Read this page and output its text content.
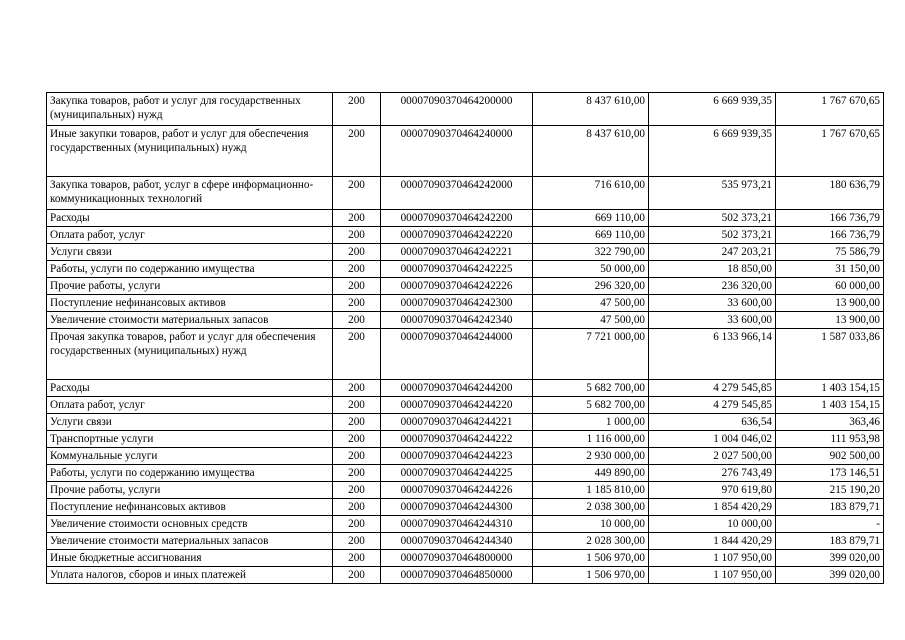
Закупка товаров, работ и услуг для государственных (муниципальных) нужд	200	00007090370464200000	8 437 610,00	6 669 939,35	1 767 670,65
Иные закупки товаров, работ и услуг для обеспечения государственных (муниципальных) нужд	200	00007090370464240000	8 437 610,00	6 669 939,35	1 767 670,65
Закупка товаров, работ, услуг в сфере информационно-коммуникационных технологий	200	00007090370464242000	716 610,00	535 973,21	180 636,79
Расходы	200	00007090370464242200	669 110,00	502 373,21	166 736,79
Оплата работ, услуг	200	00007090370464242220	669 110,00	502 373,21	166 736,79
Услуги связи	200	00007090370464242221	322 790,00	247 203,21	75 586,79
Работы, услуги по содержанию имущества	200	00007090370464242225	50 000,00	18 850,00	31 150,00
Прочие работы, услуги	200	00007090370464242226	296 320,00	236 320,00	60 000,00
Поступление нефинансовых активов	200	00007090370464242300	47 500,00	33 600,00	13 900,00
Увеличение стоимости материальных запасов	200	00007090370464242340	47 500,00	33 600,00	13 900,00
Прочая закупка товаров, работ и услуг для обеспечения государственных (муниципальных) нужд	200	00007090370464244000	7 721 000,00	6 133 966,14	1 587 033,86
Расходы	200	00007090370464244200	5 682 700,00	4 279 545,85	1 403 154,15
Оплата работ, услуг	200	00007090370464244220	5 682 700,00	4 279 545,85	1 403 154,15
Услуги связи	200	00007090370464244221	1 000,00	636,54	363,46
Транспортные услуги	200	00007090370464244222	1 116 000,00	1 004 046,02	111 953,98
Коммунальные услуги	200	00007090370464244223	2 930 000,00	2 027 500,00	902 500,00
Работы, услуги по содержанию имущества	200	00007090370464244225	449 890,00	276 743,49	173 146,51
Прочие работы, услуги	200	00007090370464244226	1 185 810,00	970 619,80	215 190,20
Поступление нефинансовых активов	200	00007090370464244300	2 038 300,00	1 854 420,29	183 879,71
Увеличение стоимости основных средств	200	00007090370464244310	10 000,00	10 000,00	-
Увеличение стоимости материальных запасов	200	00007090370464244340	2 028 300,00	1 844 420,29	183 879,71
Иные бюджетные ассигнования	200	00007090370464800000	1 506 970,00	1 107 950,00	399 020,00
Уплата налогов, сборов и иных платежей	200	00007090370464850000	1 506 970,00	1 107 950,00	399 020,00
